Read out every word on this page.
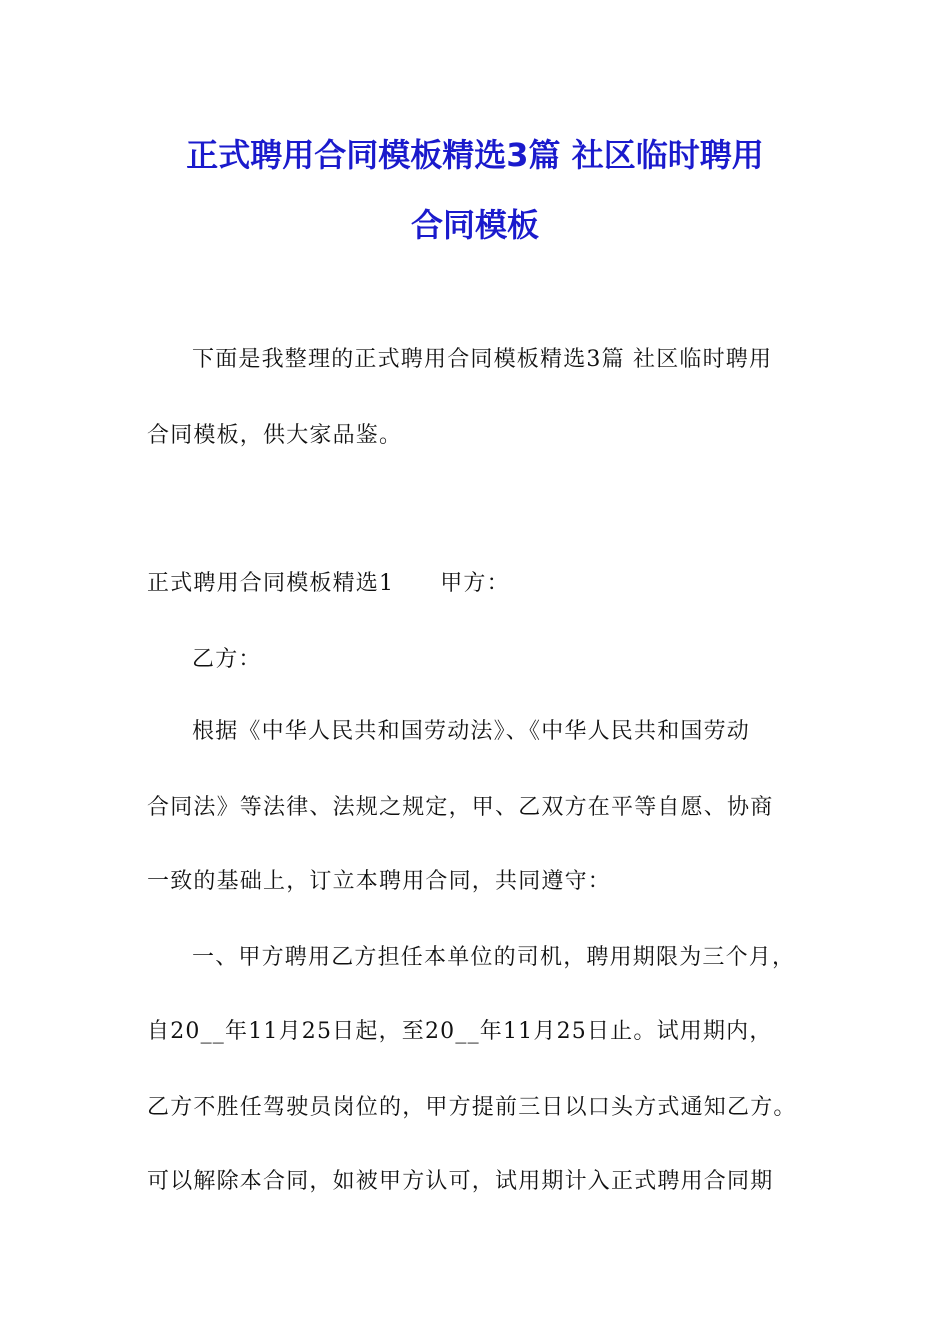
正式聘用合同模板精选3篇 社区临时聘用
合同模板
下面是我整理的正式聘用合同模板精选3篇 社区临时聘用
合同模板，供大家品鉴。
正式聘用合同模板精选1 甲方：
乙方：
根据《中华人民共和国劳动法》、《中华人民共和国劳动
合同法》等法律、法规之规定，甲、乙双方在平等自愿、协商
一致的基础上，订立本聘用合同，共同遵守：
一、甲方聘用乙方担任本单位的司机，聘用期限为三个月，
自20__年11月25日起，至20__年11月25日止。试用期内，
乙方不胜任驾驶员岗位的，甲方提前三日以口头方式通知乙方。
可以解除本合同，如被甲方认可，试用期计入正式聘用合同期
